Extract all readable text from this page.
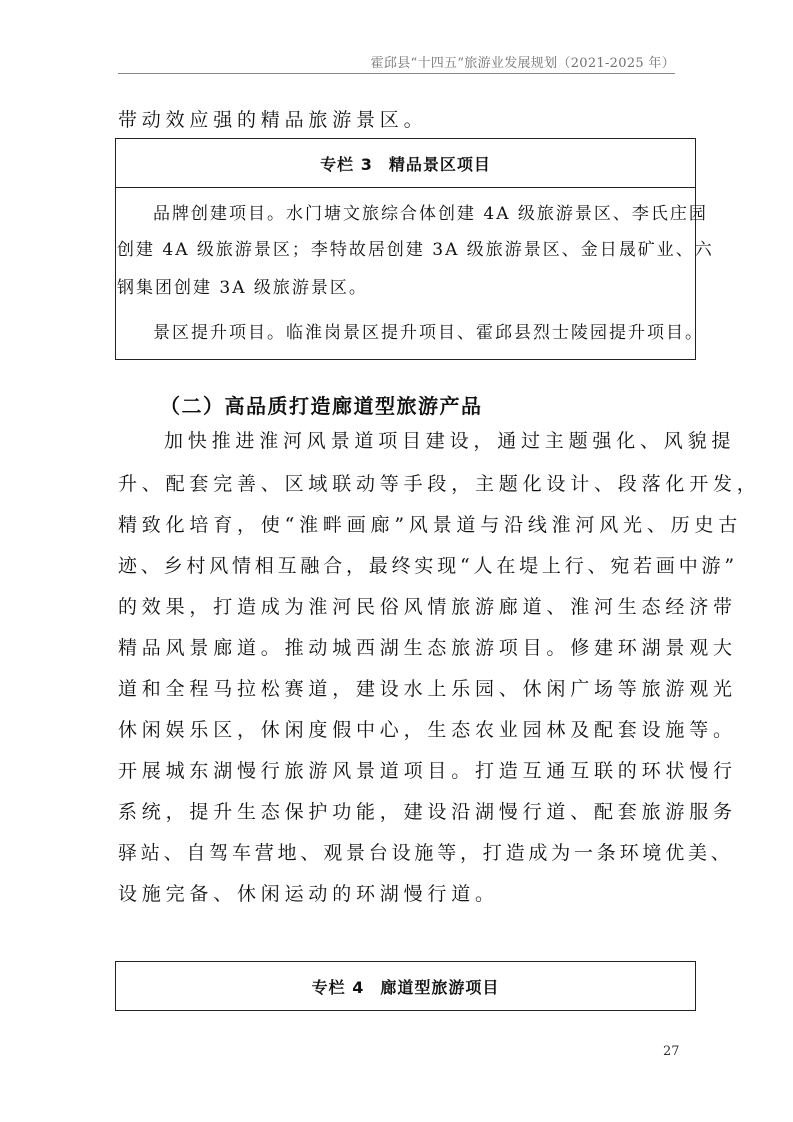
霍邱县“十四五”旅游业发展规划（2021-2025 年）
带动效应强的精品旅游景区。
专栏 3 精品景区项目
品牌创建项目。水门塘文旅综合体创建 4A 级旅游景区、李氏庄园
创建 4A 级旅游景区；李特故居创建 3A 级旅游景区、金日晟矿业、六
钢集团创建 3A 级旅游景区。
景区提升项目。临淮岗景区提升项目、霍邱县烈士陵园提升项目。
（二）高品质打造廊道型旅游产品
加快推进淮河风景道项目建设，通过主题强化、风貌提
升、配套完善、区域联动等手段，主题化设计、段落化开发，
精致化培育，使“淮畔画廊”风景道与沿线淮河风光、历史古
迹、乡村风情相互融合，最终实现“人在堤上行、宛若画中游”
的效果，打造成为淮河民俗风情旅游廊道、淮河生态经济带
精品风景廊道。推动城西湖生态旅游项目。修建环湖景观大
道和全程马拉松赛道，建设水上乐园、休闲广场等旅游观光
休闲娱乐区，休闲度假中心，生态农业园林及配套设施等。
开展城东湖慢行旅游风景道项目。打造互通互联的环状慢行
系统，提升生态保护功能，建设沿湖慢行道、配套旅游服务
驿站、自驾车营地、观景台设施等，打造成为一条环境优美、
设施完备、休闲运动的环湖慢行道。
专栏 4 廊道型旅游项目
27
